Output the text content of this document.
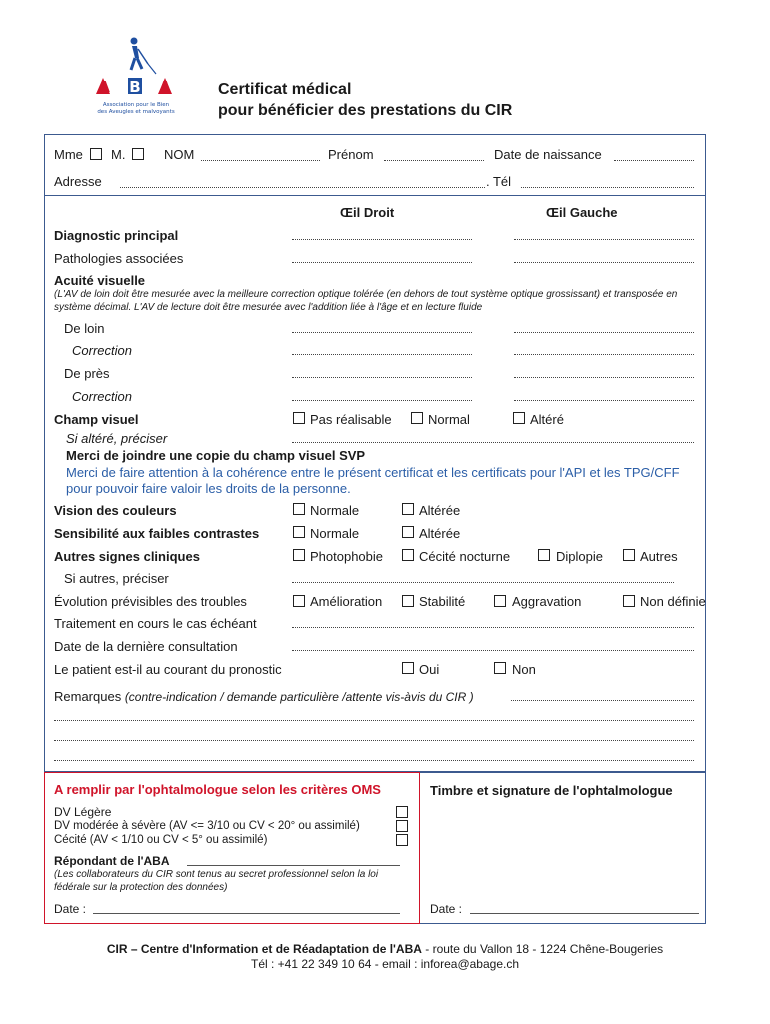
A B A
Association pour le Bien
des Aveugles et malvoyants
Certificat médical
pour bénéficier des prestations du CIR
Mme M.	NOM	Prénom	Date de naissance
Adresse	. Tél
Œil Droit	Œil Gauche
Diagnostic principal
Pathologies associées
Acuité visuelle
(L'AV de loin doit être mesurée avec la meilleure correction optique tolérée (en dehors de tout système optique grossissant) et transposée en système décimal. L'AV de lecture doit être mesurée avec l'addition liée à l'âge et en lecture fluide
De loin
Correction
De près
Correction
Champ visuel	Pas réalisable	Normal	Altéré
Si altéré, préciser
Merci de joindre une copie du champ visuel SVP
Merci de faire attention à la cohérence entre le présent certificat et les certificats pour l'API et les TPG/CFF pour pouvoir faire valoir les droits de la personne.
Vision des couleurs	Normale	Altérée
Sensibilité aux faibles contrastes	Normale	Altérée
Autres signes cliniques	Photophobie	Cécité nocturne	Diplopie	Autres
Si autres, préciser
Évolution prévisibles des troubles	Amélioration	Stabilité	Aggravation	Non définie
Traitement en cours le cas échéant
Date de la dernière consultation
Le patient est-il au courant du pronostic	Oui	Non
Remarques (contre-indication / demande particulière /attente vis-àvis du CIR )
A remplir par l'ophtalmologue selon les critères OMS
DV Légère
DV modérée à sévère (AV <= 3/10 ou CV < 20° ou assimilé)
Cécité (AV < 1/10 ou CV < 5° ou assimilé)
Répondant de l'ABA
(Les collaborateurs du CIR sont tenus au secret professionnel selon la loi fédérale sur la protection des données)
Date :
Timbre et signature de l'ophtalmologue
Date :
CIR – Centre d'Information et de Réadaptation de l'ABA - route du Vallon 18 - 1224 Chêne-Bougeries
Tél : +41 22 349 10 64 - email : inforea@abage.ch
